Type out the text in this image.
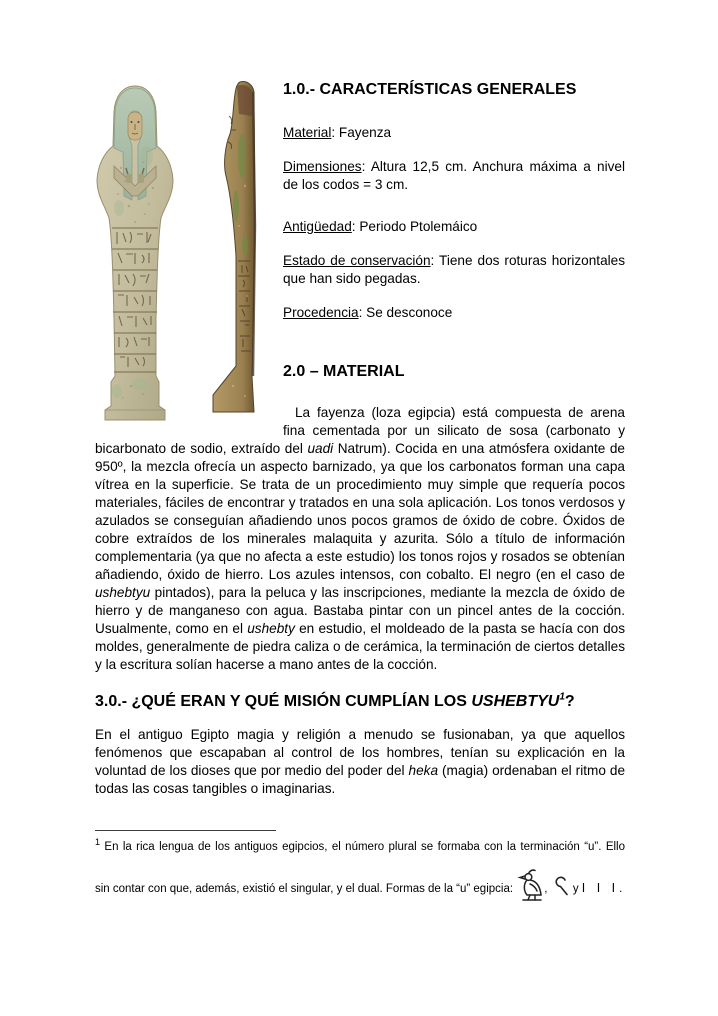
1.0.- CARACTERÍSTICAS GENERALES

Material: Fayenza

Dimensiones: Altura 12,5 cm. Anchura máxima a nivel de los codos = 3 cm.

Antigüedad: Periodo Ptolemáico

Estado de conservación: Tiene dos roturas horizontales que han sido pegadas.

Procedencia: Se desconoce

2.0 – MATERIAL

La fayenza (loza egipcia) está compuesta de arena fina cementada por un silicato de sosa (carbonato y bicarbonato de sodio, extraído del uadi Natrum). Cocida en una atmósfera oxidante de 950º, la mezcla ofrecía un aspecto barnizado, ya que los carbonatos forman una capa vítrea en la superficie. Se trata de un procedimiento muy simple que requería pocos materiales, fáciles de encontrar y tratados en una sola aplicación. Los tonos verdosos y azulados se conseguían añadiendo unos pocos gramos de óxido de cobre. Óxidos de cobre extraídos de los minerales malaquita y azurita. Sólo a título de información complementaria (ya que no afecta a este estudio) los tonos rojos y rosados se obtenían añadiendo, óxido de hierro. Los azules intensos, con cobalto. El negro (en el caso de ushebtyu pintados), para la peluca y las inscripciones, mediante la mezcla de óxido de hierro y de manganeso con agua. Bastaba pintar con un pincel antes de la cocción. Usualmente, como en el ushebty en estudio, el moldeado de la pasta se hacía con dos moldes, generalmente de piedra caliza o de cerámica, la terminación de ciertos detalles y la escritura solían hacerse a mano antes de la cocción.

3.0.- ¿QUÉ ERAN Y QUÉ MISIÓN CUMPLÍAN LOS USHEBTYU$^1$?

En el antiguo Egipto magia y religión a menudo se fusionaban, ya que aquellos fenómenos que escapaban al control de los hombres, tenían su explicación en la voluntad de los dioses que por medio del poder del heka (magia) ordenaban el ritmo de todas las cosas tangibles o imaginarias.

$^1$ En la rica lengua de los antiguos egipcios, el número plural se formaba con la terminación “u”. Ello

sin contar con que, además, existió el singular, y el dual. Formas de la “u” egipcia: ,  y I I I.
